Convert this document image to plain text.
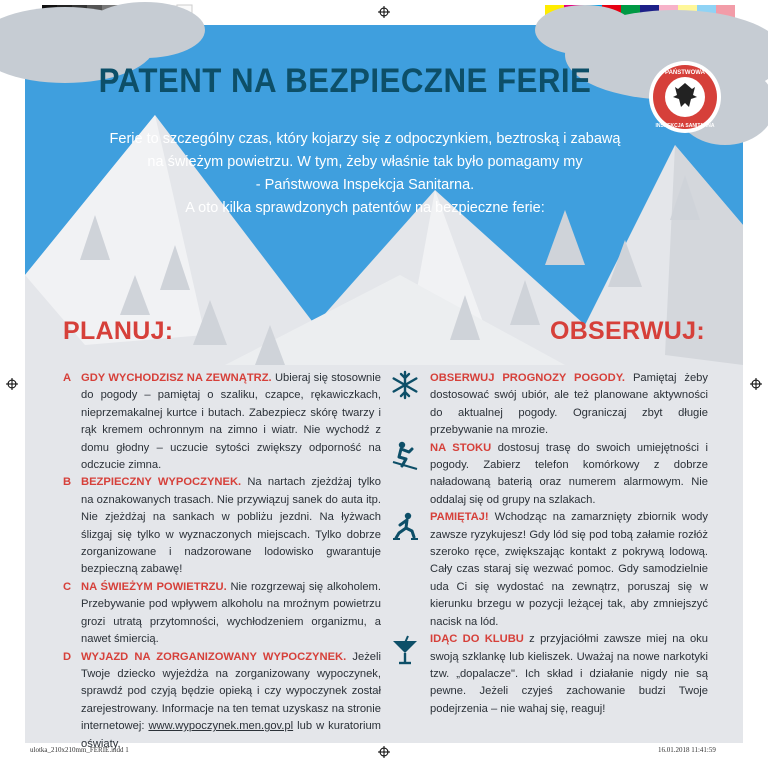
PATENT NA BEZPIECZNE FERIE	PAŃSTWOWA
INSPEKCJA SANITARNA
Ferie to szczególny czas, który kojarzy się z odpoczynkiem, beztroską i zabawą
na świeżym powietrzu. W tym, żeby właśnie tak było pomagamy my
- Państwowa Inspekcja Sanitarna.
A oto kilka sprawdzonych patentów na bezpieczne ferie:
PLANUJ:	OBSERWUJ:
A GDY WYCHODZISZ NA ZEWNĄTRZ. Ubieraj się stosownie do pogody – pamiętaj o szaliku, czapce, rękawiczkach, nieprzemakalnej kurtce i butach. Zabezpiecz skórę twarzy i rąk kremem ochronnym na zimno i wiatr. Nie wychodź z domu głodny – uczucie sytości zwiększy odporność na odczucie zimna.
B BEZPIECZNY WYPOCZYNEK. Na nartach zjeżdżaj tylko na oznakowanych trasach. Nie przywiązuj sanek do auta itp. Nie zjeżdżaj na sankach w pobliżu jezdni. Na łyżwach ślizgaj się tylko w wyznaczonych miejscach. Tylko dobrze zorganizowane i nadzorowane lodowisko gwarantuje bezpieczną zabawę!
C NA ŚWIEŻYM POWIETRZU. Nie rozgrzewaj się alkoholem. Przebywanie pod wpływem alkoholu na mroźnym powietrzu grozi utratą przytomności, wychłodzeniem organizmu, a nawet śmiercią.
D WYJAZD NA ZORGANIZOWANY WYPOCZYNEK. Jeżeli Twoje dziecko wyjeżdża na zorganizowany wypoczynek, sprawdź pod czyją będzie opieką i czy wypoczynek został zarejestrowany. Informacje na ten temat uzyskasz na stronie internetowej: www.wypoczynek.men.gov.pl lub w kuratorium oświaty.
OBSERWUJ PROGNOZY POGODY. Pamiętaj żeby dostosować swój ubiór, ale też planowane aktywności do aktualnej pogody. Ograniczaj zbyt długie przebywanie na mrozie.
NA STOKU dostosuj trasę do swoich umiejętności i pogody. Zabierz telefon komórkowy z dobrze naładowaną baterią oraz numerem alarmowym. Nie oddalaj się od grupy na szlakach.
PAMIĘTAJ! Wchodząc na zamarznięty zbiornik wody zawsze ryzykujesz! Gdy lód się pod tobą załamie rozłóż szeroko ręce, zwiększając kontakt z pokrywą lodową. Cały czas staraj się wezwać pomoc. Gdy samodzielnie uda Ci się wydostać na zewnątrz, poruszaj się w kierunku brzegu w pozycji leżącej tak, aby zmniejszyć nacisk na lód.
IDĄC DO KLUBU z przyjaciółmi zawsze miej na oku swoją szklankę lub kieliszek. Uważaj na nowe narkotyki tzw. „dopalacze". Ich skład i działanie nigdy nie są pewne. Jeżeli czyjeś zachowanie budzi Twoje podejrzenia – nie wahaj się, reaguj!
ulotka_210x210mm_FERIE.indd 1	16.01.2018 11:41:59
